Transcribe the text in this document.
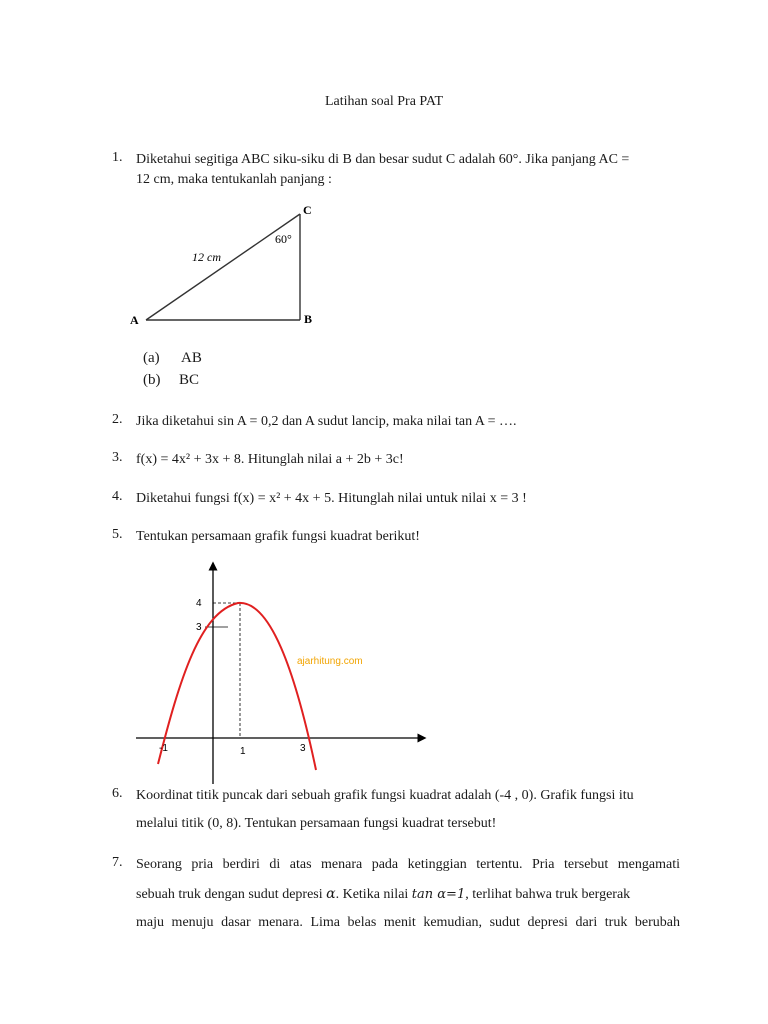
Latihan soal Pra PAT
1. Diketahui segitiga ABC siku-siku di B dan besar sudut C adalah 60°. Jika panjang AC =
12 cm, maka tentukanlah panjang :
A	B
C
12 cm
60°
(a) AB
(b) BC
2. Jika diketahui sin A = 0,2 dan A sudut lancip, maka nilai tan A = ….
3. f(x) = 4x² + 3x + 8. Hitunglah nilai a + 2b + 3c!
4. Diketahui fungsi f(x) = x² + 4x + 5. Hitunglah nilai untuk nilai x = 3 !
5. Tentukan persamaan grafik fungsi kuadrat berikut!
4
3
-1	1	3
ajarhitung.com
6. Koordinat titik puncak dari sebuah grafik fungsi kuadrat adalah (-4 , 0). Grafik fungsi itu
melalui titik (0, 8). Tentukan persamaan fungsi kuadrat tersebut!
7. Seorang pria berdiri di atas menara pada ketinggian tertentu. Pria tersebut mengamati
sebuah truk dengan sudut depresi α. Ketika nilai tan α=1, terlihat bahwa truk bergerak
maju menuju dasar menara. Lima belas menit kemudian, sudut depresi dari truk berubah
